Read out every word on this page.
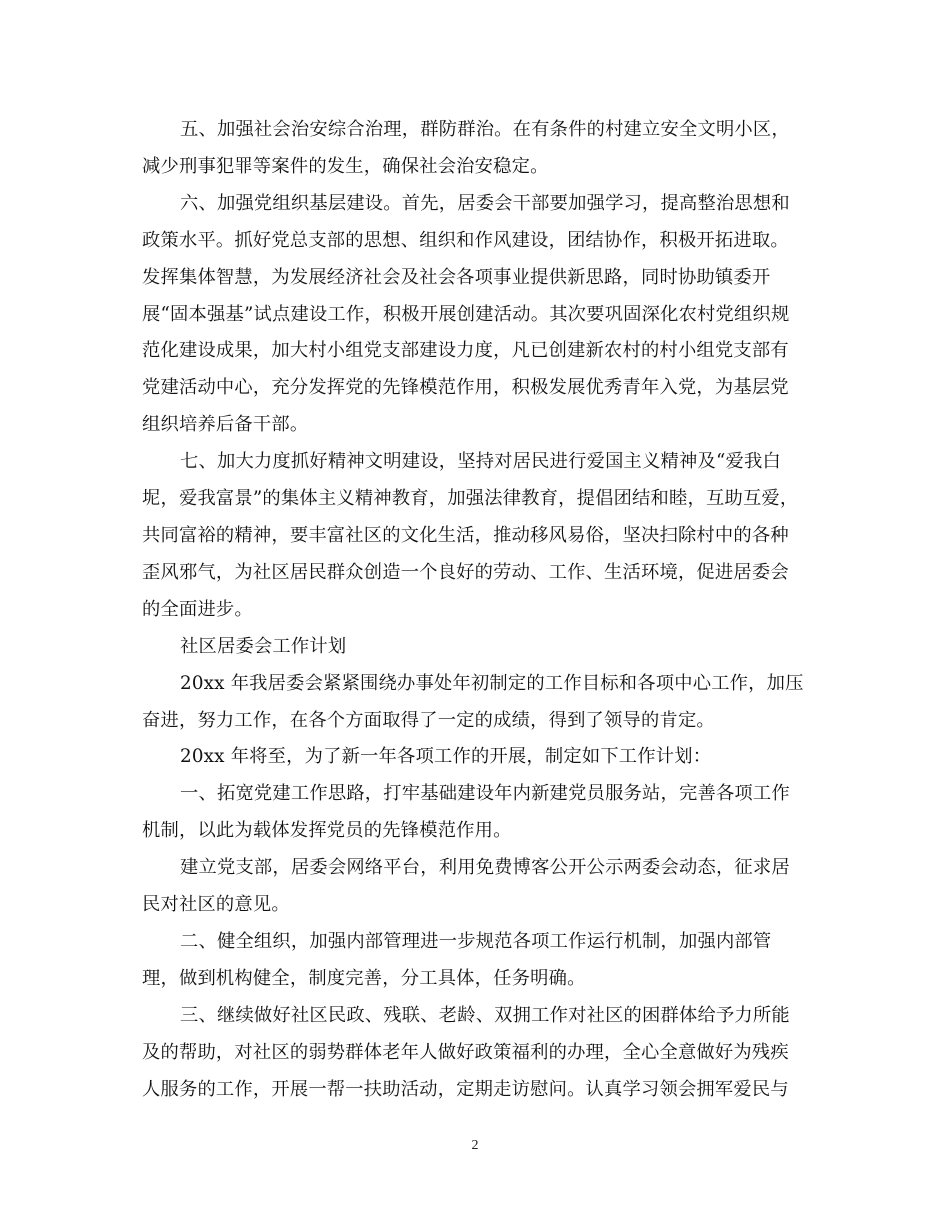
五、加强社会治安综合治理，群防群治。在有条件的村建立安全文明小区，
减少刑事犯罪等案件的发生，确保社会治安稳定。

六、加强党组织基层建设。首先，居委会干部要加强学习，提高整治思想和
政策水平。抓好党总支部的思想、组织和作风建设，团结协作，积极开拓进取。
发挥集体智慧，为发展经济社会及社会各项事业提供新思路，同时协助镇委开
展“固本强基”试点建设工作，积极开展创建活动。其次要巩固深化农村党组织规
范化建设成果，加大村小组党支部建设力度，凡已创建新农村的村小组党支部有
党建活动中心，充分发挥党的先锋模范作用，积极发展优秀青年入党，为基层党
组织培养后备干部。

七、加大力度抓好精神文明建设，坚持对居民进行爱国主义精神及“爱我白
坭，爱我富景”的集体主义精神教育，加强法律教育，提倡团结和睦，互助互爱，
共同富裕的精神，要丰富社区的文化生活，推动移风易俗，坚决扫除村中的各种
歪风邪气，为社区居民群众创造一个良好的劳动、工作、生活环境，促进居委会
的全面进步。

社区居委会工作计划

20xx 年我居委会紧紧围绕办事处年初制定的工作目标和各项中心工作，加压
奋进，努力工作，在各个方面取得了一定的成绩，得到了领导的肯定。

20xx 年将至，为了新一年各项工作的开展，制定如下工作计划：

一、拓宽党建工作思路，打牢基础建设年内新建党员服务站，完善各项工作
机制，以此为载体发挥党员的先锋模范作用。

建立党支部，居委会网络平台，利用免费博客公开公示两委会动态，征求居
民对社区的意见。

二、健全组织，加强内部管理进一步规范各项工作运行机制，加强内部管
理，做到机构健全，制度完善，分工具体，任务明确。

三、继续做好社区民政、残联、老龄、双拥工作对社区的困群体给予力所能
及的帮助，对社区的弱势群体老年人做好政策福利的办理，全心全意做好为残疾
人服务的工作，开展一帮一扶助活动，定期走访慰问。认真学习领会拥军爱民与

2
